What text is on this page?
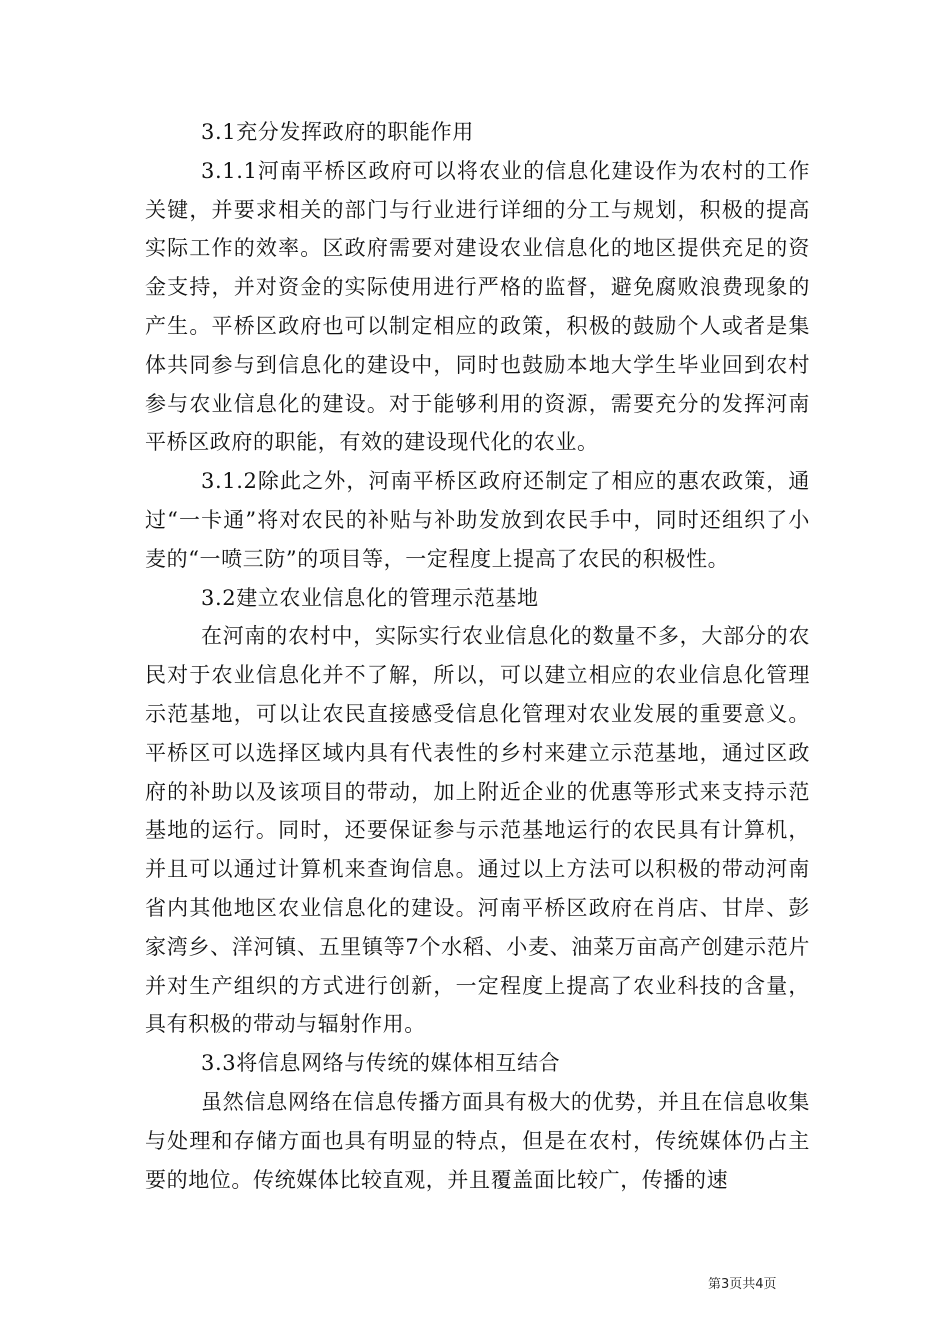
3.1充分发挥政府的职能作用

3.1.1河南平桥区政府可以将农业的信息化建设作为农村的工作关键，并要求相关的部门与行业进行详细的分工与规划，积极的提高实际工作的效率。区政府需要对建设农业信息化的地区提供充足的资金支持，并对资金的实际使用进行严格的监督，避免腐败浪费现象的产生。平桥区政府也可以制定相应的政策，积极的鼓励个人或者是集体共同参与到信息化的建设中，同时也鼓励本地大学生毕业回到农村参与农业信息化的建设。对于能够利用的资源，需要充分的发挥河南平桥区政府的职能，有效的建设现代化的农业。

3.1.2除此之外，河南平桥区政府还制定了相应的惠农政策，通过“一卡通”将对农民的补贴与补助发放到农民手中，同时还组织了小麦的“一喷三防”的项目等，一定程度上提高了农民的积极性。

3.2建立农业信息化的管理示范基地

在河南的农村中，实际实行农业信息化的数量不多，大部分的农民对于农业信息化并不了解，所以，可以建立相应的农业信息化管理示范基地，可以让农民直接感受信息化管理对农业发展的重要意义。平桥区可以选择区域内具有代表性的乡村来建立示范基地，通过区政府的补助以及该项目的带动，加上附近企业的优惠等形式来支持示范基地的运行。同时，还要保证参与示范基地运行的农民具有计算机，并且可以通过计算机来查询信息。通过以上方法可以积极的带动河南省内其他地区农业信息化的建设。河南平桥区政府在肖店、甘岸、彭家湾乡、洋河镇、五里镇等7个水稻、小麦、油菜万亩高产创建示范片并对生产组织的方式进行创新，一定程度上提高了农业科技的含量，具有积极的带动与辐射作用。

3.3将信息网络与传统的媒体相互结合

虽然信息网络在信息传播方面具有极大的优势，并且在信息收集与处理和存储方面也具有明显的特点，但是在农村，传统媒体仍占主要的地位。传统媒体比较直观，并且覆盖面比较广，传播的速

第3页共4页
